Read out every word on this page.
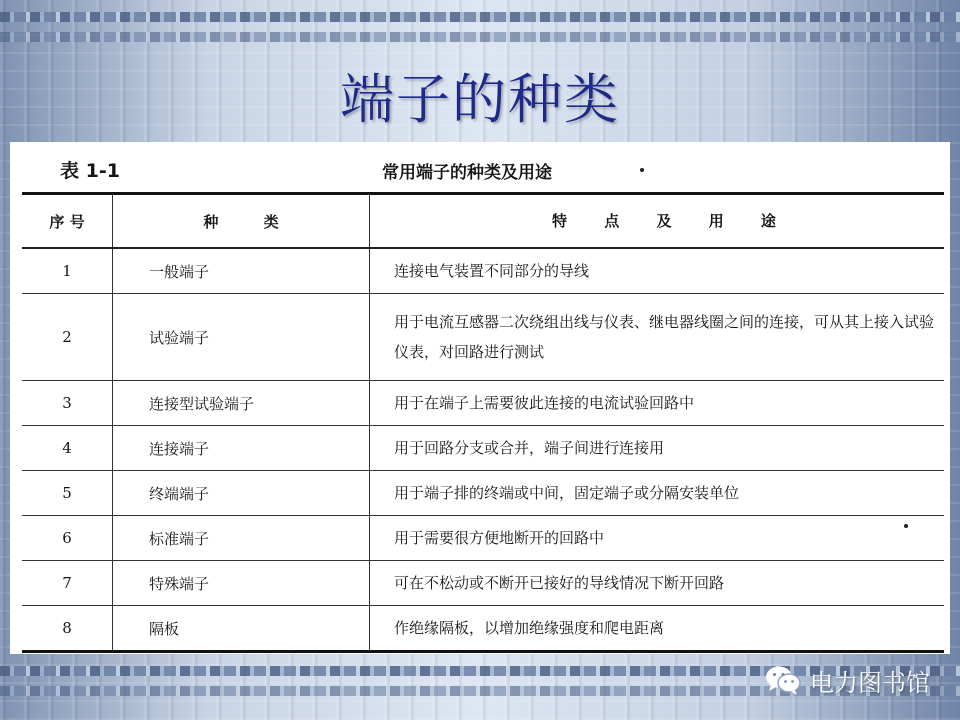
端子的种类
表 1-1	常用端子的种类及用途
序 号	种 类	特 点 及 用 途
1	一般端子	连接电气装置不同部分的导线
2	试验端子	用于电流互感器二次绕组出线与仪表、继电器线圈之间的连接，可从其上接入试验仪表，对回路进行测试
3	连接型试验端子	用于在端子上需要彼此连接的电流试验回路中
4	连接端子	用于回路分支或合并，端子间进行连接用
5	终端端子	用于端子排的终端或中间，固定端子或分隔安装单位
6	标准端子	用于需要很方便地断开的回路中
7	特殊端子	可在不松动或不断开已接好的导线情况下断开回路
8	隔板	作绝缘隔板，以增加绝缘强度和爬电距离
电力图书馆
